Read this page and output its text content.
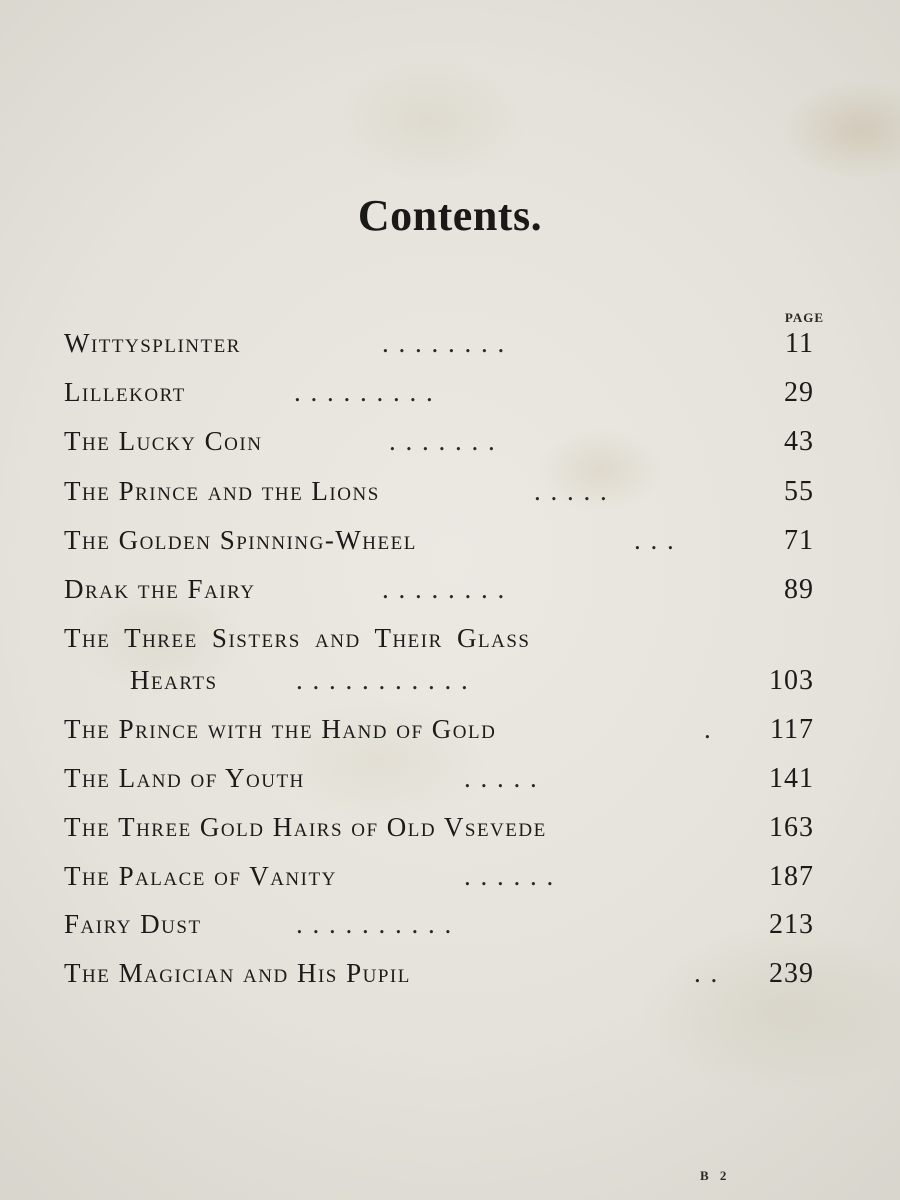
Contents.
PAGE
Wittysplinter	. . . . . . . .	11
Lillekort	. . . . . . . . .	29
The Lucky Coin	. . . . . . .	43
The Prince and the Lions	. . . . .	55
The Golden Spinning-Wheel	. . .	71
Drak the Fairy	. . . . . . . .	89
The Three Sisters and Their Glass
Hearts	. . . . . . . . . . .	103
The Prince with the Hand of Gold	. 117
The Land of Youth	. . . . .	141
The Three Gold Hairs of Old Vsevede	163
The Palace of Vanity	. . . . . .	187
Fairy Dust	. . . . . . . . . .	213
The Magician and His Pupil	. . 239
B 2
